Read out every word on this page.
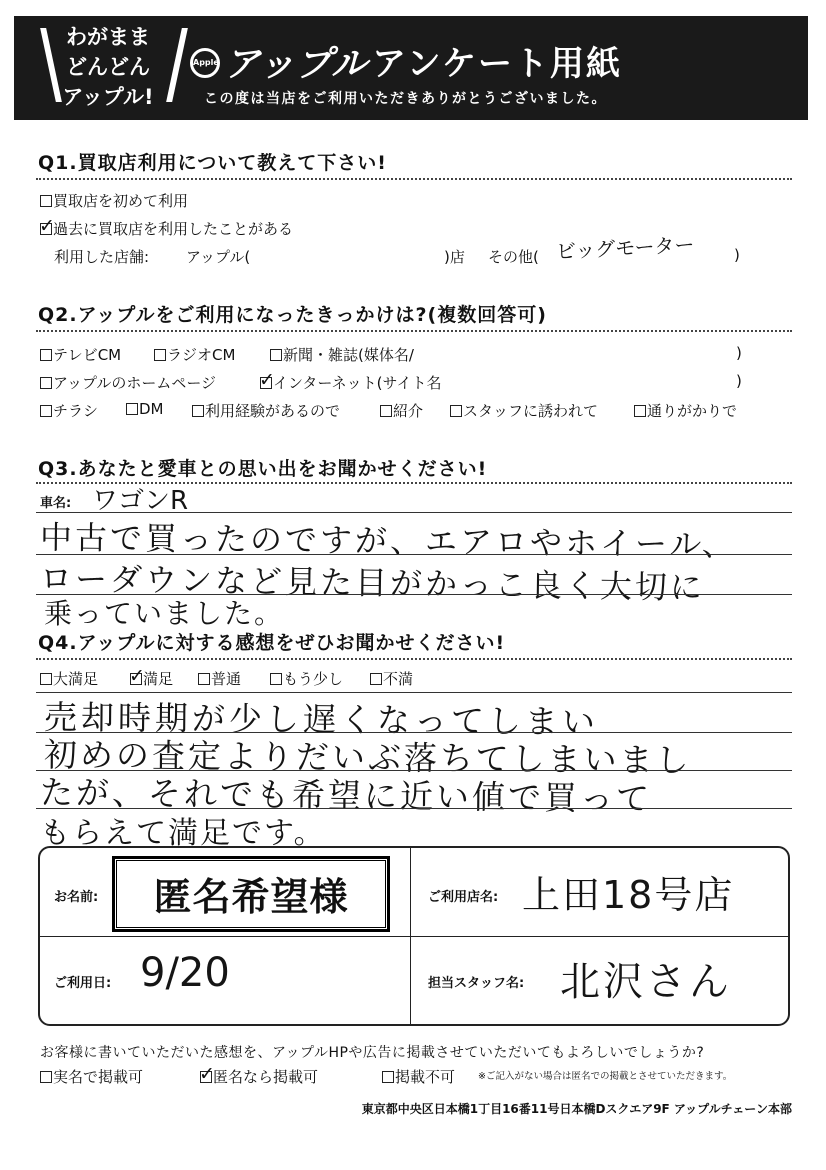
わがまま
どんどん
アップル!
Apple アップル アンケート用紙
この度は当店をご利用いただきありがとうございました。
Q1.買取店利用について教えて下さい!
買取店を初めて利用
✓過去に買取店を利用したことがある
利用した店舗: アップル(	)店 その他( ビッグモーター	)
Q2.アップルをご利用になったきっかけは?(複数回答可)
テレビCM	ラジオCM	新聞・雑誌(媒体名/	)
アップルのホームページ ✓	インターネット(サイト名	)
チラシ	DM	利用経験があるので	紹介	スタッフに誘われて	通りがかりで
Q3.あなたと愛車との思い出をお聞かせください!
車名: ワゴンR
中古で買ったのですが、エアロやホイール、
ローダウンなど見た目がかっこ良く大切に
乗っていました。
Q4.アップルに対する感想をぜひお聞かせください!
大満足 ✓	満足	普通	もう少し	不満
売却時期が少し遅くなってしまい
初めの査定よりだいぶ落ちてしまいまし
たが、それでも希望に近い値で買って
もらえて満足です。
お名前:	匿名希望様	ご利用店名: 上田18号店
ご利用日: 9/20	担当スタッフ名: 北沢さん
お客様に書いていただいた感想を、アップルHPや広告に掲載させていただいてもよろしいでしょうか?
実名で掲載可 ✓	匿名なら掲載可	掲載不可 ※ご記入がない場合は匿名での掲載とさせていただきます。
東京都中央区日本橋1丁目16番11号日本橋Dスクエア9F アップルチェーン本部
